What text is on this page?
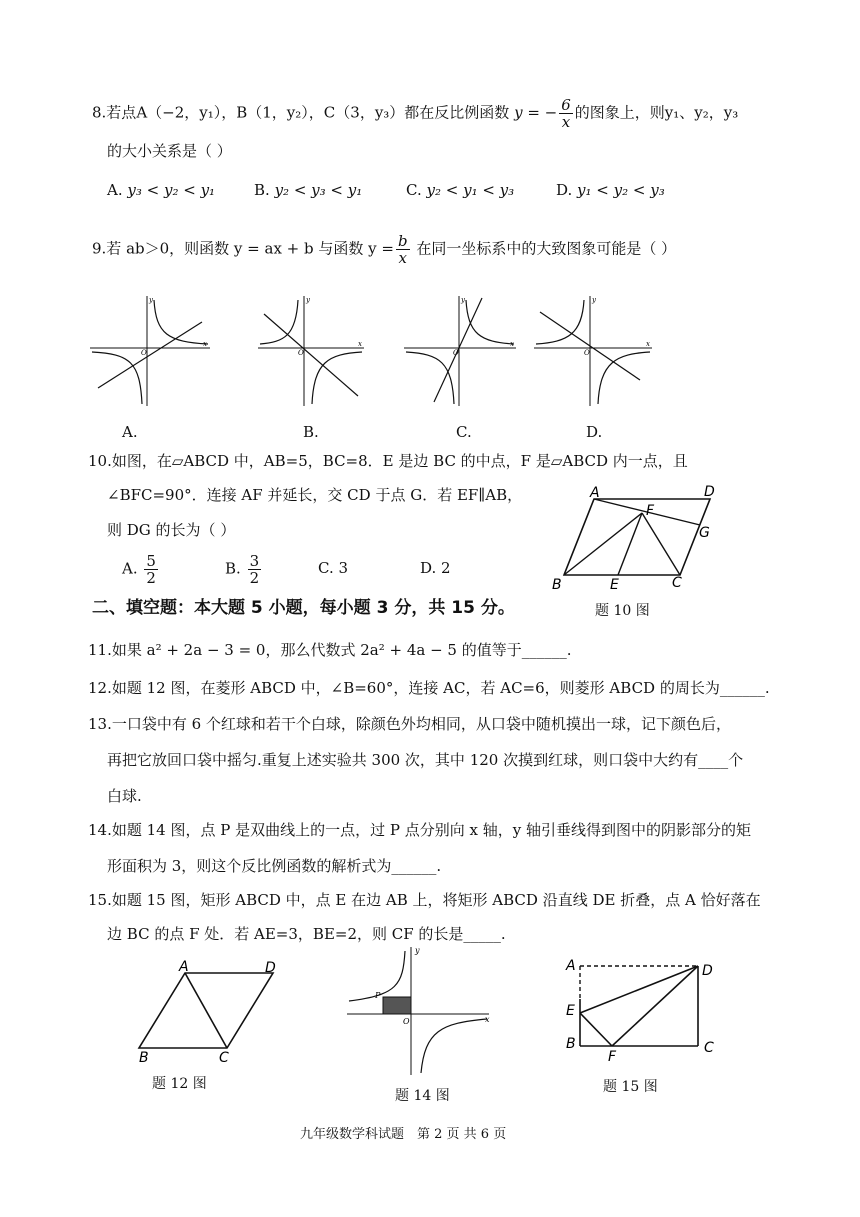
8.若点A（−2，y₁），B（1，y₂），C（3，y₃）都在反比例函数 y = − $\frac{6}{x}$ 的图象上，则y₁、y₂，y₃
的大小关系是（ ）
A. y₃ < y₂ < y₁	B. y₂ < y₃ < y₁	C. y₂ < y₁ < y₃	D. y₁ < y₂ < y₃
9.若 ab＞0，则函数 y = ax + b 与函数 $y = \frac{b}{x}$ 在同一坐标系中的大致图象可能是（ ）
x
y
O
x
y
O
x
y
O
x
y
O
A.	B.	C.	D.
10.如图，在▱ABCD 中，AB=5，BC=8．E 是边 BC 的中点，F 是▱ABCD 内一点，且
∠BFC=90°．连接 AF 并延长，交 CD 于点 G．若 EF∥AB，
则 DG 的长为（ ）
A. $\frac{5}{2}$	B. $\frac{3}{2}$	C. 3	D. 2
A	D
F
G
B	E	C
题 10 图
二、填空题：本大题 5 小题，每小题 3 分，共 15 分。
11.如果 a² + 2a − 3 = 0，那么代数式 2a² + 4a − 5 的值等于______.
12.如题 12 图，在菱形 ABCD 中，∠B=60°，连接 AC，若 AC=6，则菱形 ABCD 的周长为______.
13.一口袋中有 6 个红球和若干个白球，除颜色外均相同，从口袋中随机摸出一球，记下颜色后，
再把它放回口袋中摇匀.重复上述实验共 300 次，其中 120 次摸到红球，则口袋中大约有____个
白球.
14.如题 14 图，点 P 是双曲线上的一点，过 P 点分别向 x 轴，y 轴引垂线得到图中的阴影部分的矩
形面积为 3，则这个反比例函数的解析式为______.
15.如题 15 图，矩形 ABCD 中，点 E 在边 AB 上，将矩形 ABCD 沿直线 DE 折叠，点 A 恰好落在
边 BC 的点 F 处．若 AE=3，BE=2，则 CF 的长是_____.
A	D
B	C
题 12 图
P
O	x
y
题 14 图
A	D
E
B
F
C
题 15 图
九年级数学科试题　第 2 页 共 6 页
